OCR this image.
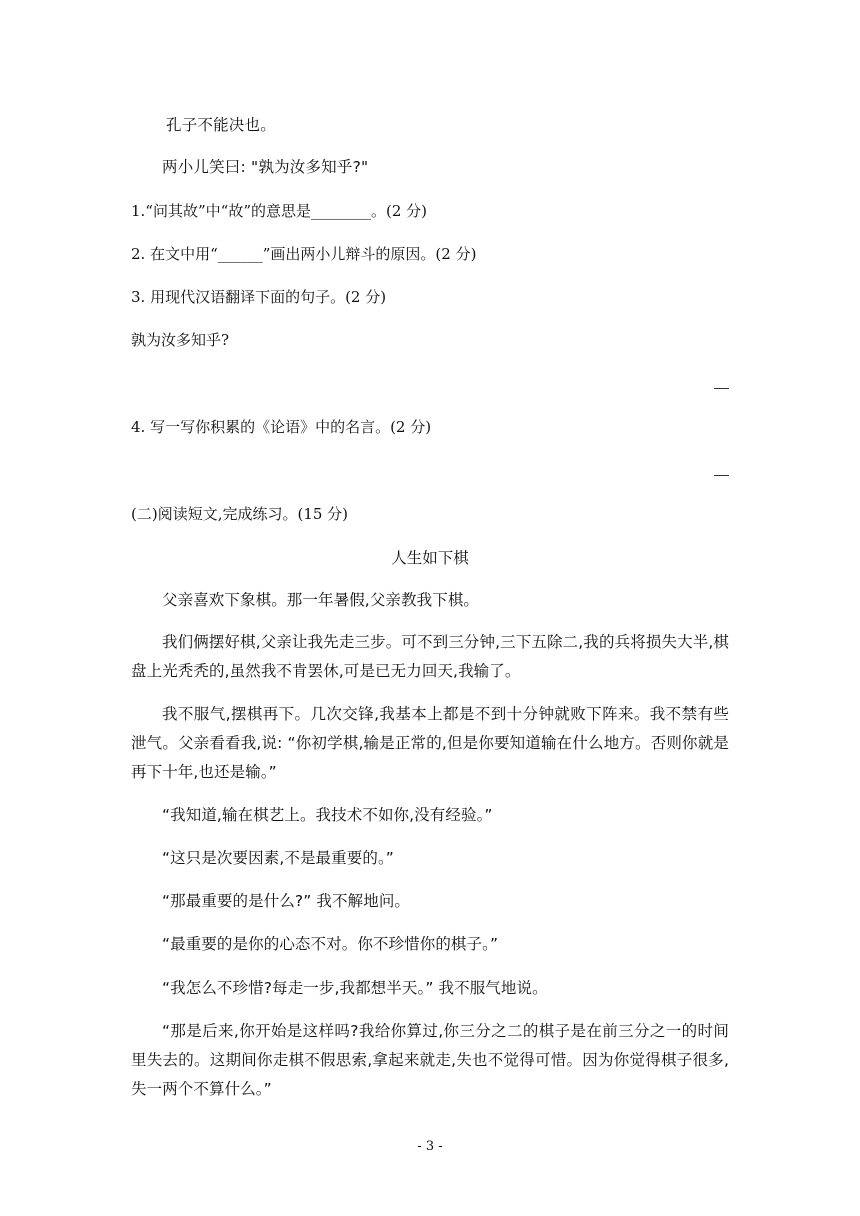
孔子不能决也。
两小儿笑曰: "孰为汝多知乎?"
1.“问其故”中“故”的意思是________。(2 分)
2. 在文中用“______”画出两小儿辩斗的原因。(2 分)
3. 用现代汉语翻译下面的句子。(2 分)
孰为汝多知乎?
4. 写一写你积累的《论语》中的名言。(2 分)
(二)阅读短文,完成练习。(15 分)
人生如下棋
父亲喜欢下象棋。那一年暑假,父亲教我下棋。
我们俩摆好棋,父亲让我先走三步。可不到三分钟,三下五除二,我的兵将损失大半,棋盘上光秃秃的,虽然我不肯罢休,可是已无力回天,我输了。
我不服气,摆棋再下。几次交锋,我基本上都是不到十分钟就败下阵来。我不禁有些泄气。父亲看看我,说: “你初学棋,输是正常的,但是你要知道输在什么地方。否则你就是再下十年,也还是输。”
“我知道,输在棋艺上。我技术不如你,没有经验。”
“这只是次要因素,不是最重要的。”
“那最重要的是什么?” 我不解地问。
“最重要的是你的心态不对。你不珍惜你的棋子。”
“我怎么不珍惜?每走一步,我都想半天。” 我不服气地说。
“那是后来,你开始是这样吗?我给你算过,你三分之二的棋子是在前三分之一的时间里失去的。这期间你走棋不假思索,拿起来就走,失也不觉得可惜。因为你觉得棋子很多,失一两个不算什么。”
- 3 -
